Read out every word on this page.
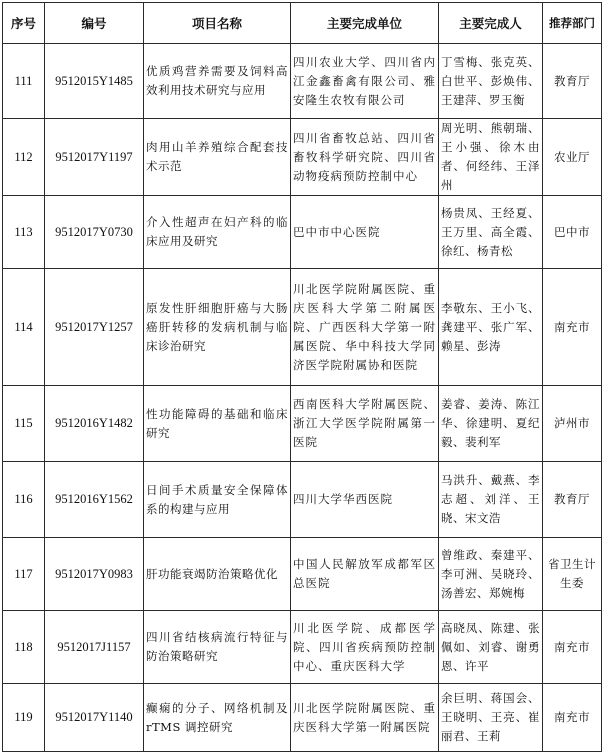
序号	编号	项目名称	主要完成单位	主要完成人	推荐部门
111	9512015Y1485	优质鸡营养需要及饲料高效利用技术研究与应用	四川农业大学、四川省内江金鑫畜禽有限公司、雅安隆生农牧有限公司	丁雪梅、张克英、白世平、彭焕伟、王建萍、罗玉衡	教育厅
112	9512017Y1197	肉用山羊养殖综合配套技术示范	四川省畜牧总站、四川省畜牧科学研究院、四川省动物疫病预防控制中心	周光明、熊朝瑞、王小强、徐木由者、何经纬、王泽州	农业厅
113	9512017Y0730	介入性超声在妇产科的临床应用及研究	巴中市中心医院	杨贵凤、王经夏、王万里、高全霞、徐红、杨青松	巴中市
114	9512017Y1257	原发性肝细胞肝癌与大肠癌肝转移的发病机制与临床诊治研究	川北医学院附属医院、重庆医科大学第二附属医院、广西医科大学第一附属医院、华中科技大学同济医学院附属协和医院	李敬东、王小飞、龚建平、张广军、赖星、彭涛	南充市
115	9512016Y1482	性功能障碍的基础和临床研究	西南医科大学附属医院、浙江大学医学院附属第一医院	姜睿、姜涛、陈江华、徐建明、夏纪毅、裴利军	泸州市
116	9512016Y1562	日间手术质量安全保障体系的构建与应用	四川大学华西医院	马洪升、戴燕、李志超、刘洋、王晓、宋文浩	教育厅
117	9512017Y0983	肝功能衰竭防治策略优化	中国人民解放军成都军区总医院	曾维政、秦建平、李可洲、吴晓玲、汤善宏、郑婉梅	省卫生计生委
118	9512017J1157	四川省结核病流行特征与防治策略研究	川北医学院、成都医学院、四川省疾病预防控制中心、重庆医科大学	高晓凤、陈建、张佩如、刘睿、谢勇恩、许平	南充市
119	9512017Y1140	癫痫的分子、网络机制及 rTMS 调控研究	川北医学院附属医院、重庆医科大学第一附属医院	余巨明、蒋国会、王晓明、王亮、崔丽君、王莉	南充市
